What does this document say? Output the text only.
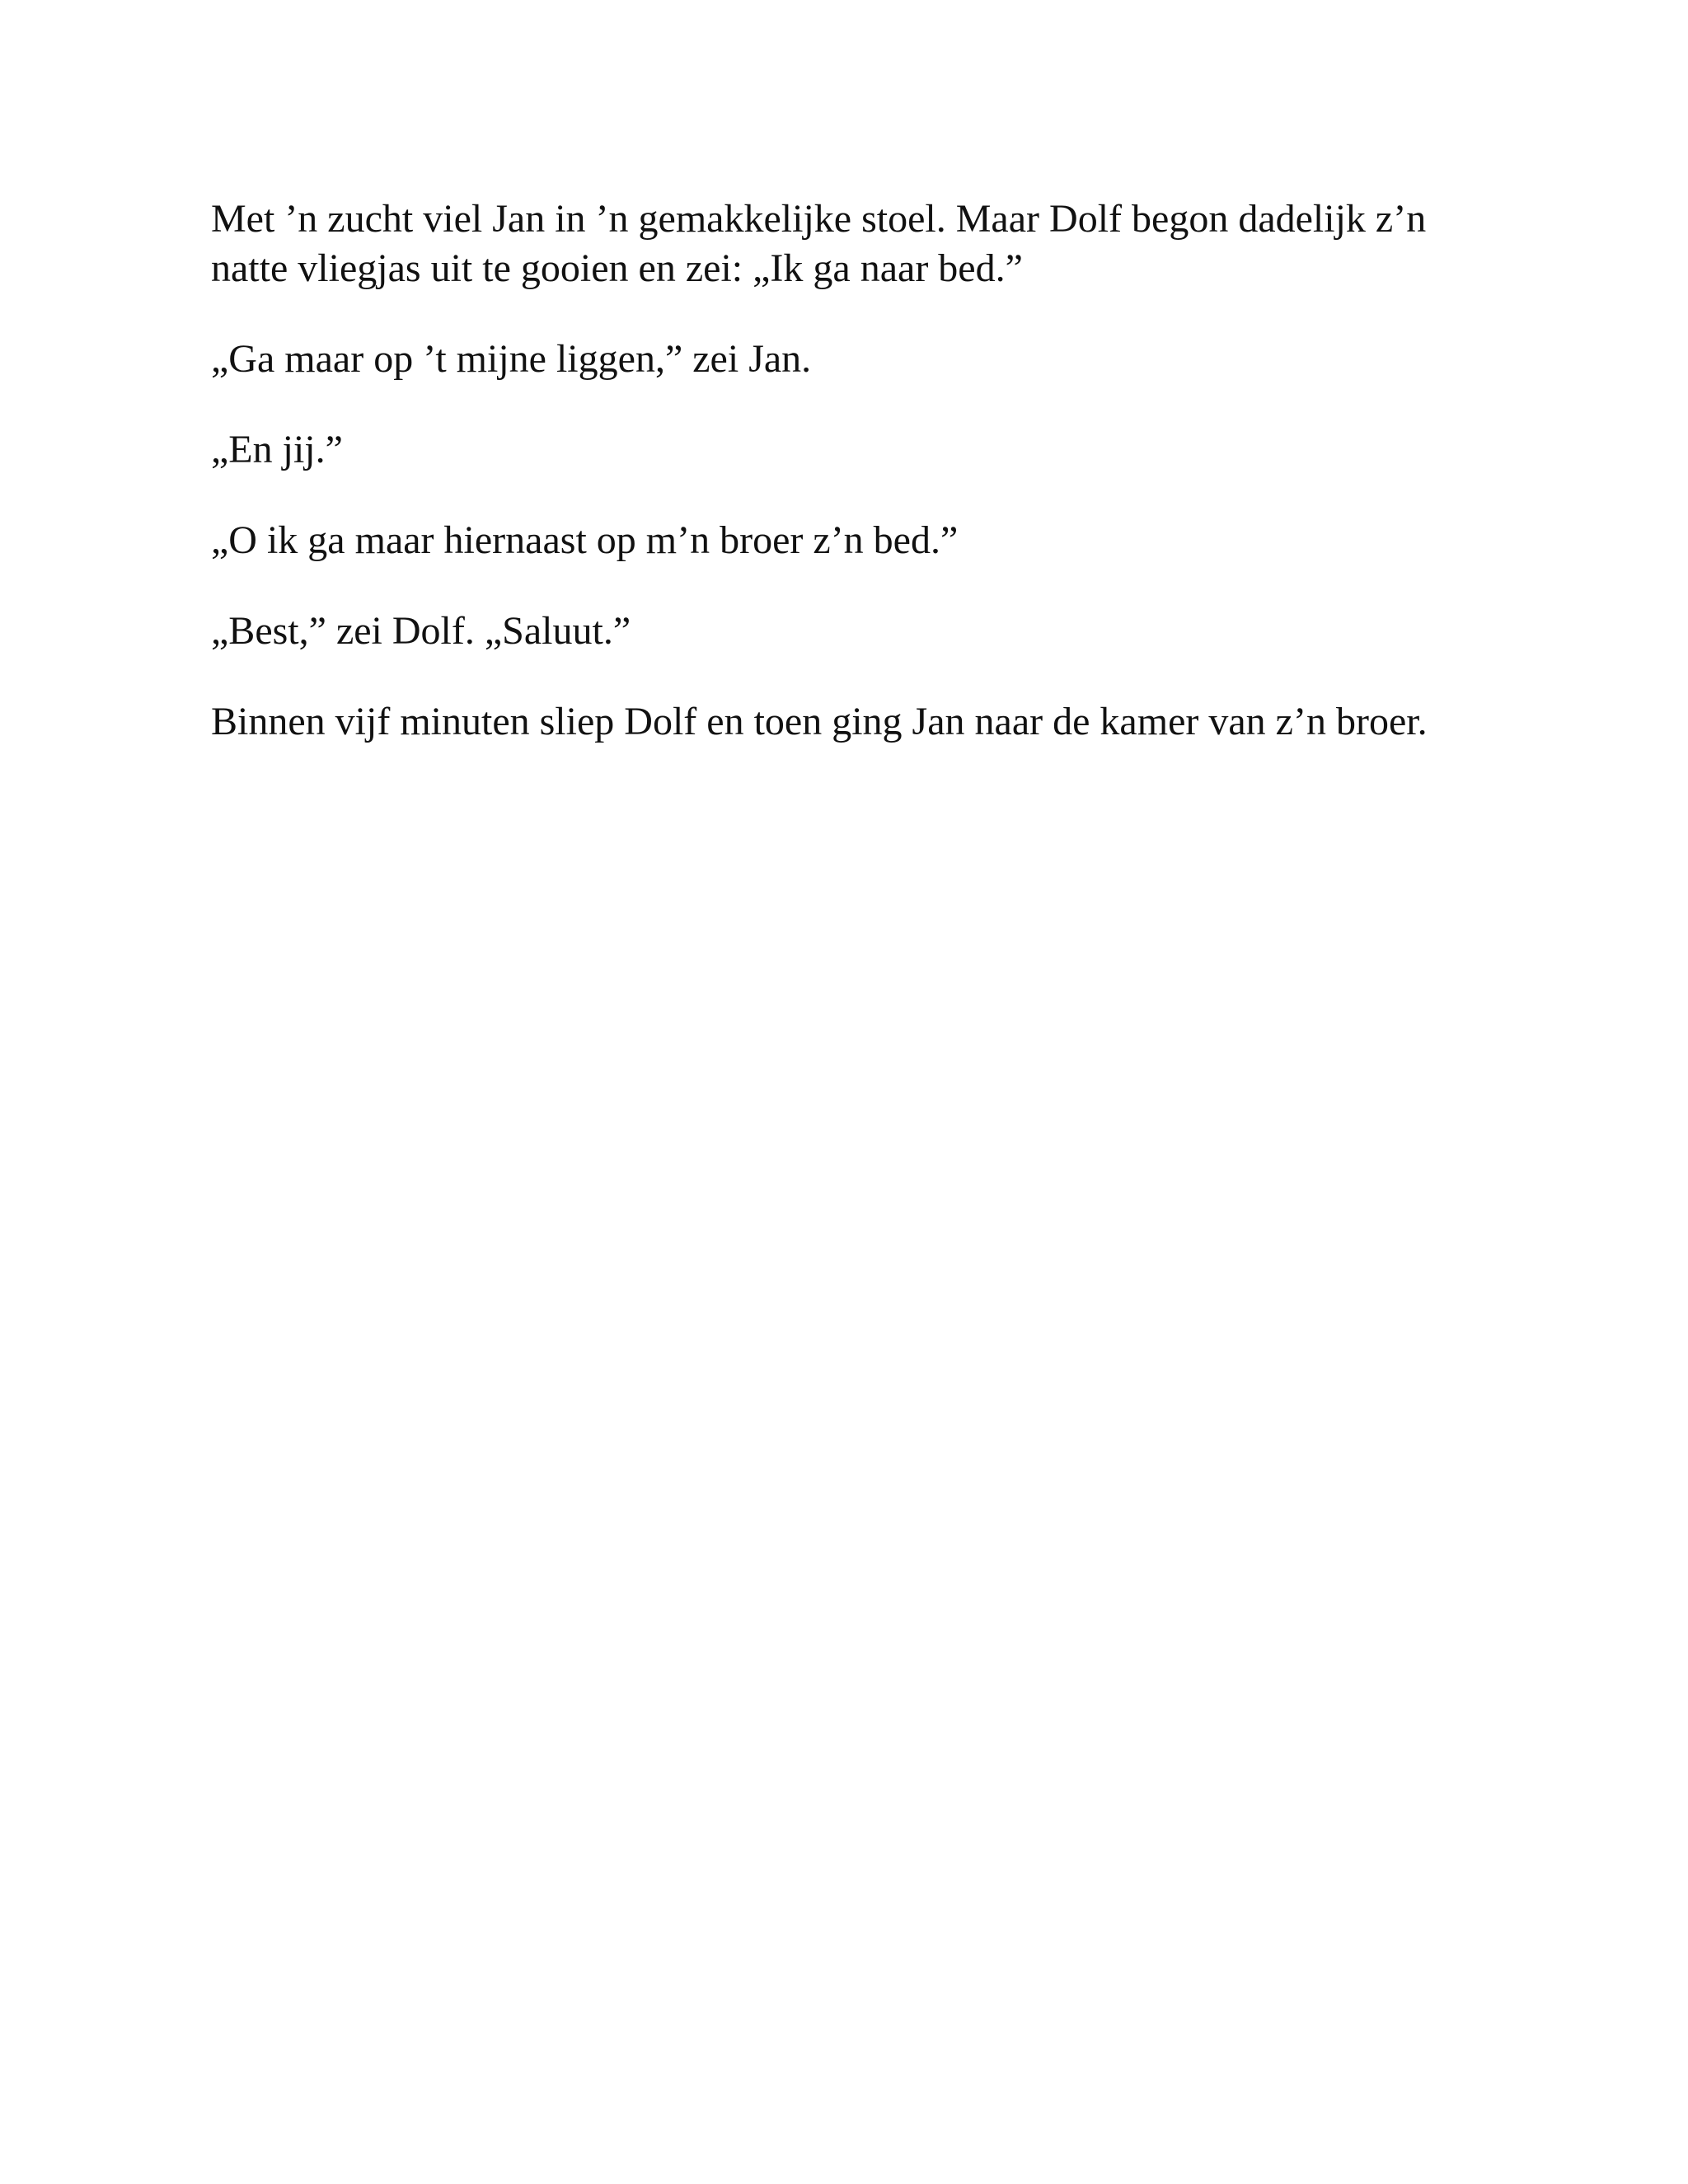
Met ’n zucht viel Jan in ’n gemakkelijke stoel. Maar Dolf begon dadelijk z’n natte vliegjas uit te gooien en zei: „Ik ga naar bed.”

„Ga maar op ’t mijne liggen,” zei Jan.

„En jij.”

„O ik ga maar hiernaast op m’n broer z’n bed.”

„Best,” zei Dolf. „Saluut.”

Binnen vijf minuten sliep Dolf en toen ging Jan naar de kamer van z’n broer.
